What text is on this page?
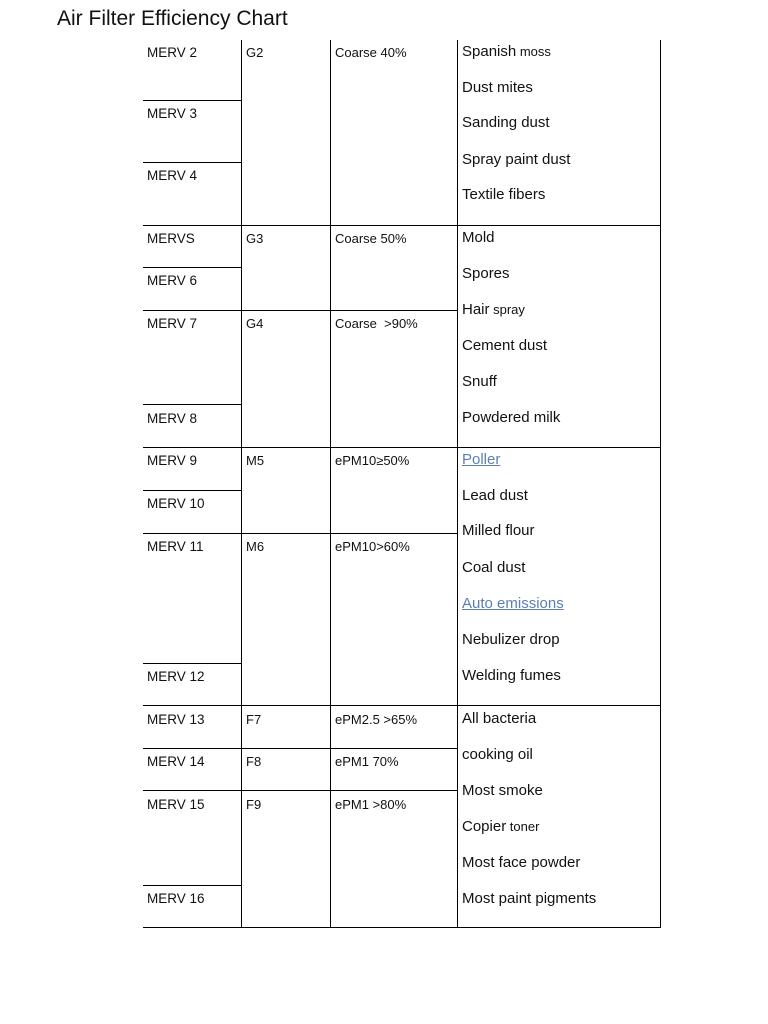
Air Filter Efficiency Chart
MERV 2
MERV 3
MERV 4
MERVS
MERV 6
MERV 7
MERV 8
MERV 9
MERV 10
MERV 11
MERV 12
MERV 13
MERV 14
MERV 15
MERV 16
G2
G3
G4
M5
M6
F7
F8
F9
Coarse 40%
Coarse 50%
Coarse  >90%
ePM10≥50%
ePM10>60%
ePM2.5 >65%
ePM1 70%
ePM1 >80%
Spanish moss
Dust mites
Sanding dust
Spray paint dust
Textile fibers
Mold
Spores
Hair spray
Cement dust
Snuff
Powdered milk
Poller
Lead dust
Milled flour
Coal dust
Auto emissions
Nebulizer drop
Welding fumes
All bacteria
cooking oil
Most smoke
Copier toner
Most face powder
Most paint pigments
